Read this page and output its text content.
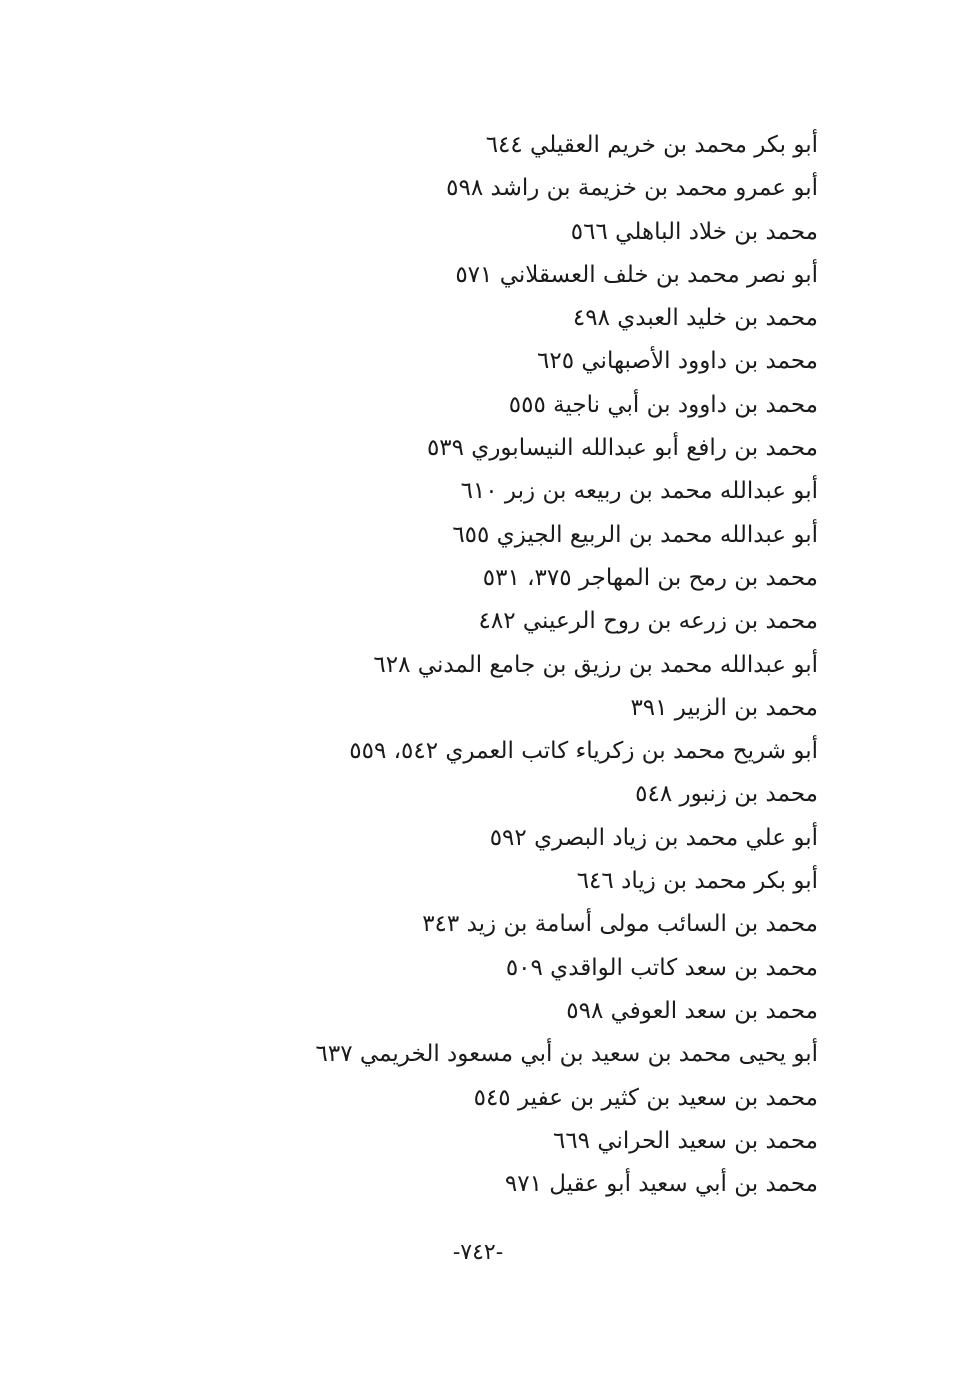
أبو بكر محمد بن خريم العقيلي ٦٤٤
أبو عمرو محمد بن خزيمة بن راشد ٥٩٨
محمد بن خلاد الباهلي ٥٦٦
أبو نصر محمد بن خلف العسقلاني ٥٧١
محمد بن خليد العبدي ٤٩٨
محمد بن داوود الأصبهاني ٦٢٥
محمد بن داوود بن أبي ناجية ٥٥٥
محمد بن رافع أبو عبدالله النيسابوري ٥٣٩
أبو عبدالله محمد بن ربيعه بن زبر ٦١٠
أبو عبدالله محمد بن الربيع الجيزي ٦٥٥
محمد بن رمح بن المهاجر ٣٧٥، ٥٣١
محمد بن زرعه بن روح الرعيني ٤٨٢
أبو عبدالله محمد بن رزيق بن جامع المدني ٦٢٨
محمد بن الزبير ٣٩١
أبو شريح محمد بن زكرياء كاتب العمري ٥٤٢، ٥٥٩
محمد بن زنبور ٥٤٨
أبو علي محمد بن زياد البصري ٥٩٢
أبو بكر محمد بن زياد ٦٤٦
محمد بن السائب مولى أسامة بن زيد ٣٤٣
محمد بن سعد كاتب الواقدي ٥٠٩
محمد بن سعد العوفي ٥٩٨
أبو يحيى محمد بن سعيد بن أبي مسعود الخريمي ٦٣٧
محمد بن سعيد بن كثير بن عفير ٥٤٥
محمد بن سعيد الحراني ٦٦٩
محمد بن أبي سعيد أبو عقيل ٩٧١
-٧٤٢-
